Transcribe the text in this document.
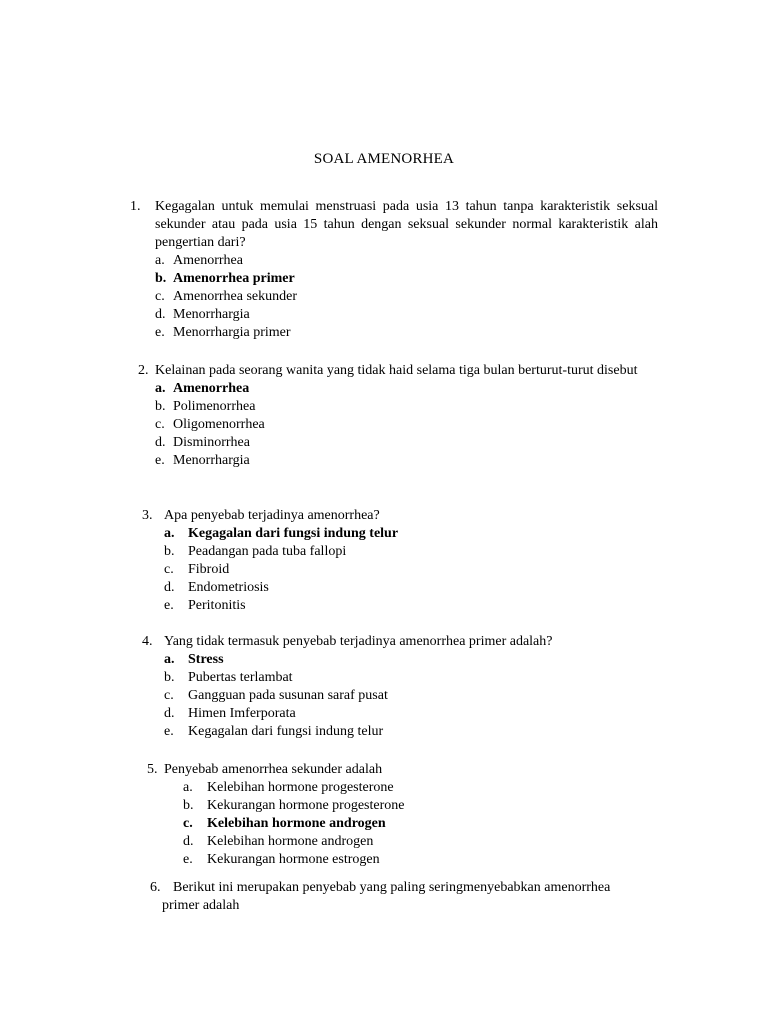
SOAL AMENORHEA
1. Kegagalan untuk memulai menstruasi pada usia 13 tahun tanpa karakteristik seksual sekunder atau pada usia 15 tahun dengan seksual sekunder normal karakteristik alah pengertian dari?
a. Amenorrhea
b. Amenorrhea primer
c. Amenorrhea sekunder
d. Menorrhargia
e. Menorrhargia primer
2. Kelainan pada seorang wanita yang tidak haid selama tiga bulan berturut-turut disebut
a. Amenorrhea
b. Polimenorrhea
c. Oligomenorrhea
d. Disminorrhea
e. Menorrhargia
3. Apa penyebab terjadinya amenorrhea?
a. Kegagalan dari fungsi indung telur
b. Peadangan pada tuba fallopi
c. Fibroid
d. Endometriosis
e. Peritonitis
4. Yang tidak termasuk penyebab terjadinya amenorrhea primer adalah?
a. Stress
b. Pubertas terlambat
c. Gangguan pada susunan saraf pusat
d. Himen Imferporata
e. Kegagalan dari fungsi indung telur
5. Penyebab amenorrhea sekunder adalah
a. Kelebihan hormone progesterone
b. Kekurangan hormone progesterone
c. Kelebihan hormone androgen
d. Kelebihan hormone androgen
e. Kekurangan hormone estrogen
6. Berikut ini merupakan penyebab yang paling seringmenyebabkan amenorrhea
primer adalah
